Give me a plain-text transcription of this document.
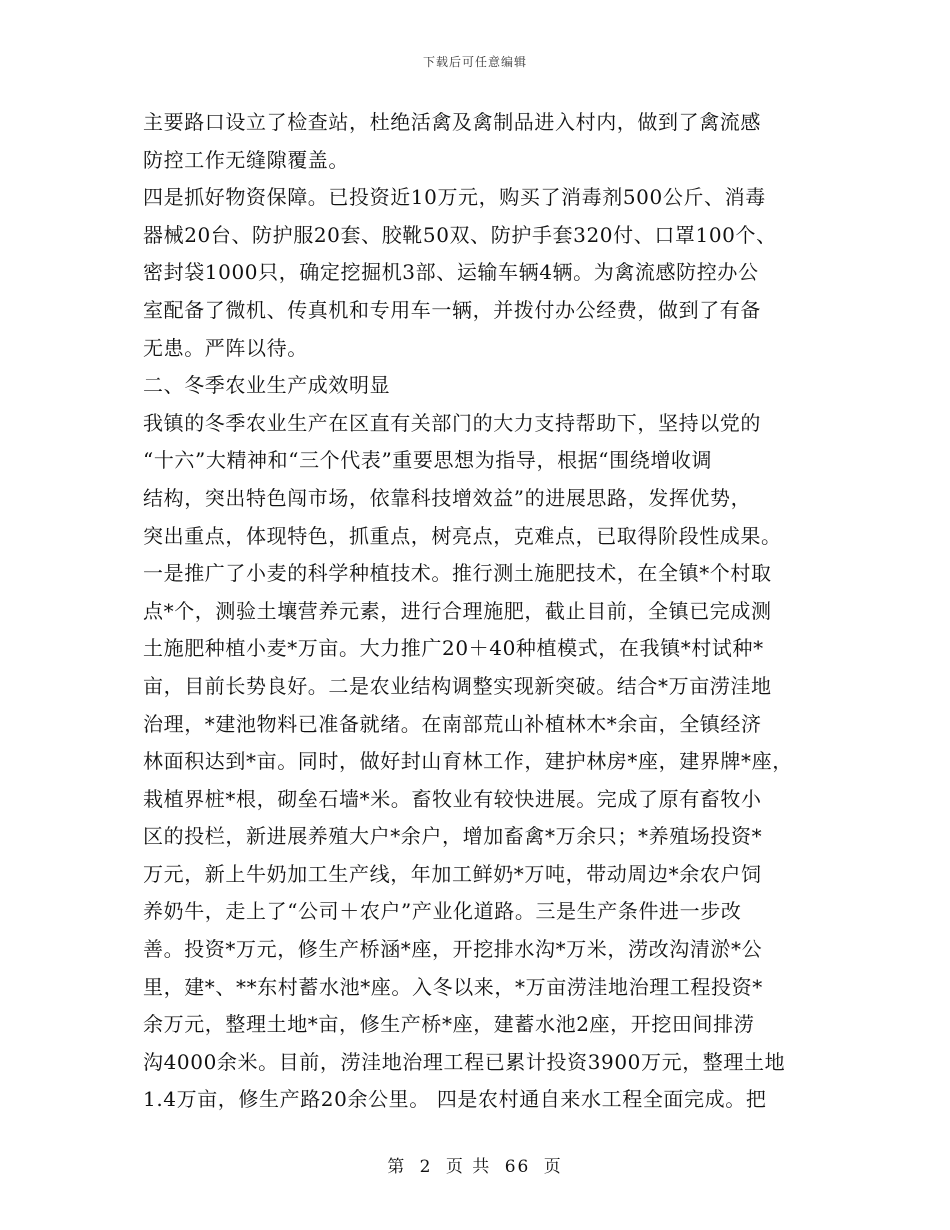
下载后可任意编辑
主要路口设立了检查站，杜绝活禽及禽制品进入村内，做到了禽流感
防控工作无缝隙覆盖。
四是抓好物资保障。已投资近10万元，购买了消毒剂500公斤、消毒
器械20台、防护服20套、胶靴50双、防护手套320付、口罩100个、
密封袋1000只，确定挖掘机3部、运输车辆4辆。为禽流感防控办公
室配备了微机、传真机和专用车一辆，并拨付办公经费，做到了有备
无患。严阵以待。
二、冬季农业生产成效明显
我镇的冬季农业生产在区直有关部门的大力支持帮助下，坚持以党的
“十六”大精神和“三个代表”重要思想为指导，根据“围绕增收调
结构，突出特色闯市场，依靠科技增效益”的进展思路，发挥优势，
突出重点，体现特色，抓重点，树亮点，克难点，已取得阶段性成果。
一是推广了小麦的科学种植技术。推行测土施肥技术，在全镇*个村取
点*个，测验土壤营养元素，进行合理施肥，截止目前，全镇已完成测
土施肥种植小麦*万亩。大力推广20＋40种植模式，在我镇*村试种*
亩，目前长势良好。二是农业结构调整实现新突破。结合*万亩涝洼地
治理，*建池物料已准备就绪。在南部荒山补植林木*余亩，全镇经济
林面积达到*亩。同时，做好封山育林工作，建护林房*座，建界牌*座，
栽植界桩*根，砌垒石墙*米。畜牧业有较快进展。完成了原有畜牧小
区的投栏，新进展养殖大户*余户，增加畜禽*万余只；*养殖场投资*
万元，新上牛奶加工生产线，年加工鲜奶*万吨，带动周边*余农户饲
养奶牛，走上了“公司＋农户”产业化道路。三是生产条件进一步改
善。投资*万元，修生产桥涵*座，开挖排水沟*万米，涝改沟清淤*公
里，建*、**东村蓄水池*座。入冬以来，*万亩涝洼地治理工程投资*
余万元，整理土地*亩，修生产桥*座，建蓄水池2座，开挖田间排涝
沟4000余米。目前，涝洼地治理工程已累计投资3900万元，整理土地
1.4万亩，修生产路20余公里。 四是农村通自来水工程全面完成。把
第 2 页 共 66 页
